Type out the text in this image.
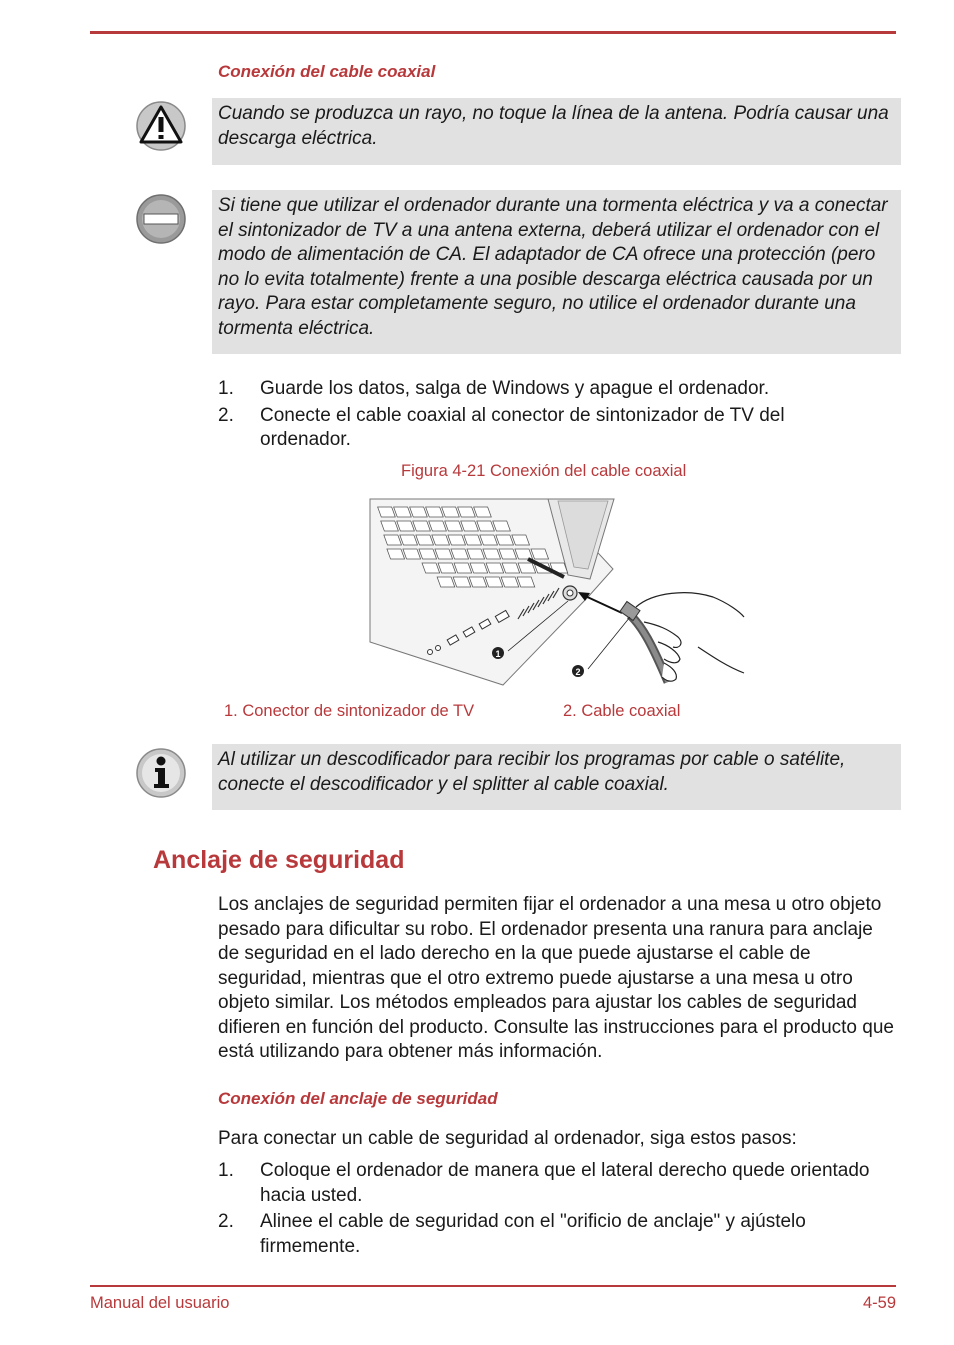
Conexión del cable coaxial
Cuando se produzca un rayo, no toque la línea de la antena. Podría causar una descarga eléctrica.
Si tiene que utilizar el ordenador durante una tormenta eléctrica y va a conectar el sintonizador de TV a una antena externa, deberá utilizar el ordenador con el modo de alimentación de CA. El adaptador de CA ofrece una protección (pero no lo evita totalmente) frente a una posible descarga eléctrica causada por un rayo. Para estar completamente seguro, no utilice el ordenador durante una tormenta eléctrica.
1. Guarde los datos, salga de Windows y apague el ordenador.
2. Conecte el cable coaxial al conector de sintonizador de TV del ordenador.
Figura 4-21 Conexión del cable coaxial
1
2
1. Conector de sintonizador de TV	2. Cable coaxial
Al utilizar un descodificador para recibir los programas por cable o satélite, conecte el descodificador y el splitter al cable coaxial.
Anclaje de seguridad
Los anclajes de seguridad permiten fijar el ordenador a una mesa u otro objeto pesado para dificultar su robo. El ordenador presenta una ranura para anclaje de seguridad en el lado derecho en la que puede ajustarse el cable de seguridad, mientras que el otro extremo puede ajustarse a una mesa u otro objeto similar. Los métodos empleados para ajustar los cables de seguridad difieren en función del producto. Consulte las instrucciones para el producto que está utilizando para obtener más información.
Conexión del anclaje de seguridad
Para conectar un cable de seguridad al ordenador, siga estos pasos:
1. Coloque el ordenador de manera que el lateral derecho quede orientado hacia usted.
2. Alinee el cable de seguridad con el "orificio de anclaje" y ajústelo firmemente.
Manual del usuario	4-59
